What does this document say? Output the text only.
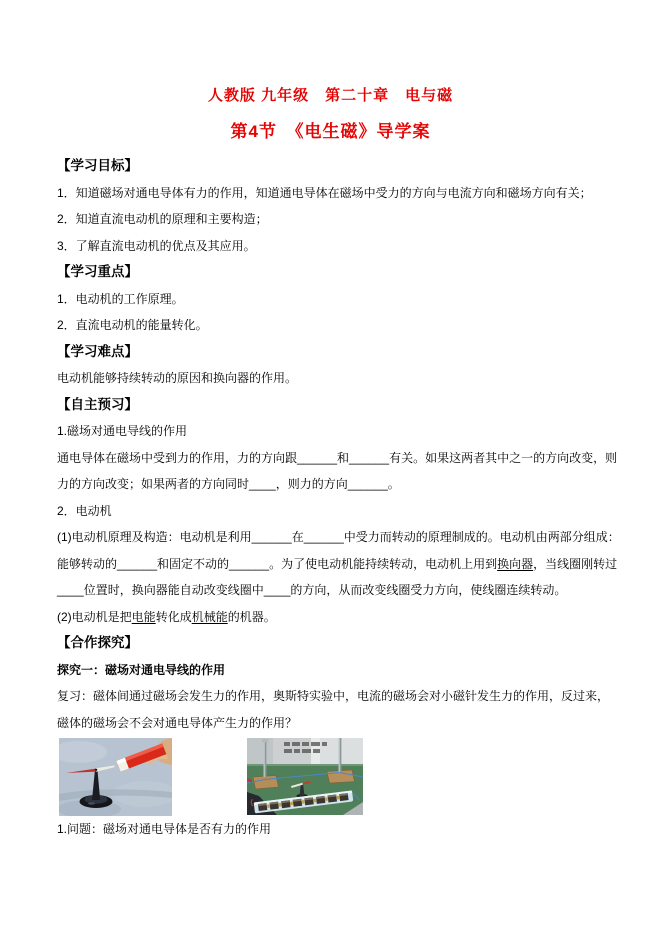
人教版 九年级　第二十章　电与磁
第4节　《电生磁》导学案

【学习目标】

1．知道磁场对通电导体有力的作用，知道通电导体在磁场中受力的方向与电流方向和磁场方向有关；

2．知道直流电动机的原理和主要构造；

3．了解直流电动机的优点及其应用。

【学习重点】

1．电动机的工作原理。

2．直流电动机的能量转化。

【学习难点】

电动机能够持续转动的原因和换向器的作用。

【自主预习】

1.磁场对通电导线的作用

通电导体在磁场中受到力的作用，力的方向跟______和______有关。如果这两者其中之一的方向改变，则

力的方向改变；如果两者的方向同时____，则力的方向______。

2．电动机

(1)电动机原理及构造：电动机是利用______在______中受力而转动的原理制成的。电动机由两部分组成：

能够转动的______和固定不动的______。为了使电动机能持续转动，电动机上用到换向器，当线圈刚转过

____位置时，换向器能自动改变线圈中____的方向，从而改变线圈受力方向，使线圈连续转动。

(2)电动机是把电能转化成机械能的机器。

【合作探究】

探究一：磁场对通电导线的作用

复习：磁体间通过磁场会发生力的作用，奥斯特实验中，电流的磁场会对小磁针发生力的作用，反过来，

磁体的磁场会不会对通电导体产生力的作用？

1.问题：磁场对通电导体是否有力的作用
